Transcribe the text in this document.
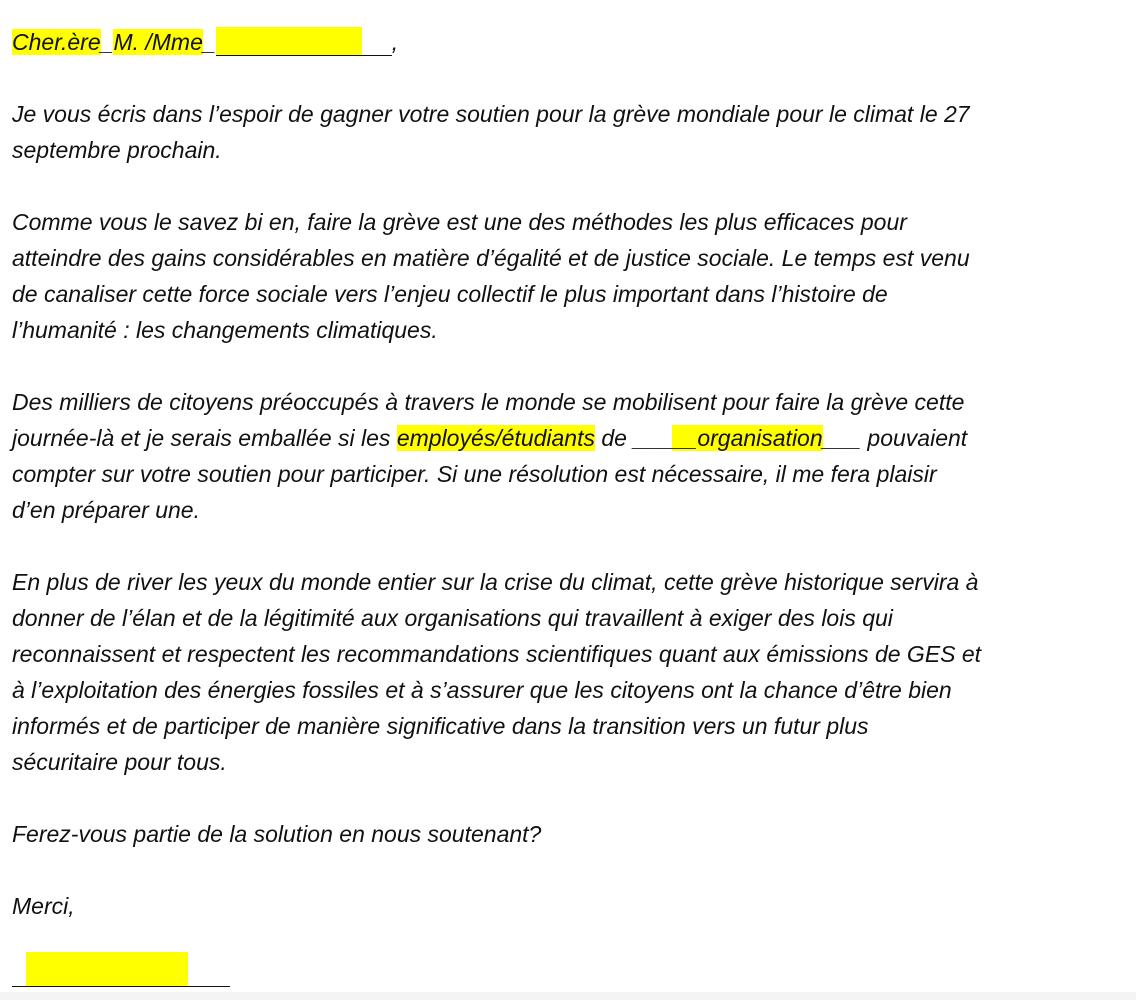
Cher.ère_M. /Mme_	,
Je vous écris dans l’espoir de gagner votre soutien pour la grève mondiale pour le climat le 27
septembre prochain.
Comme vous le savez bi en, faire la grève est une des méthodes les plus efficaces pour
atteindre des gains considérables en matière d’égalité et de justice sociale. Le temps est venu
de canaliser cette force sociale vers l’enjeu collectif le plus important dans l’histoire de
l’humanité : les changements climatiques.
Des milliers de citoyens préoccupés à travers le monde se mobilisent pour faire la grève cette
journée-là et je serais emballée si les employés/étudiants de _____organisation___ pouvaient
compter sur votre soutien pour participer. Si une résolution est nécessaire, il me fera plaisir
d’en préparer une.
En plus de river les yeux du monde entier sur la crise du climat, cette grève historique servira à
donner de l’élan et de la légitimité aux organisations qui travaillent à exiger des lois qui
reconnaissent et respectent les recommandations scientifiques quant aux émissions de GES et
à l’exploitation des énergies fossiles et à s’assurer que les citoyens ont la chance d’être bien
informés et de participer de manière significative dans la transition vers un futur plus
sécuritaire pour tous.
Ferez-vous partie de la solution en nous soutenant?
Merci,
